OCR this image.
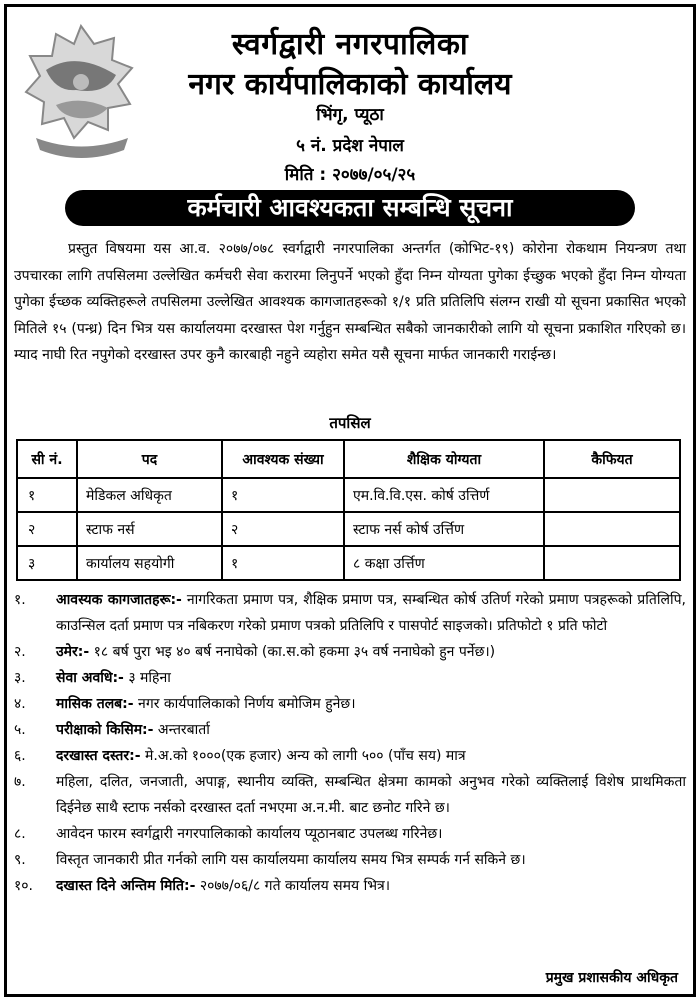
स्वर्गद्वारी नगरपालिका
नगर कार्यपालिकाको कार्यालय
भिंगृ, प्यूठा
५ नं. प्रदेश नेपाल
मिति : २०७७/०५/२५
कर्मचारी आवश्यकता सम्बन्धि सूचना

प्रस्तुत विषयमा यस आ.व. २०७७/०७८ स्वर्गद्वारी नगरपालिका अन्तर्गत (कोभिट-१९) कोरोना रोकथाम नियन्त्रण तथा उपचारका लागि तपसिलमा उल्लेखित कर्मचरी सेवा करारमा लिनुपर्ने भएको हुँदा निम्न योग्यता पुगेका ईच्छुक भएको हुँदा निम्न योग्यता पुगेका ईच्छक व्यक्तिहरूले तपसिलमा उल्लेखित आवश्यक कागजातहरूको १/१ प्रति प्रतिलिपि संलग्न राखी यो सूचना प्रकासित भएको मितिले १५ (पन्ध्र) दिन भित्र यस कार्यालयमा दरखास्त पेश गर्नुहुन सम्बन्धित सबैको जानकारीको लागि यो सूचना प्रकाशित गरिएको छ। म्याद नाघी रित नपुगेको दरखास्त उपर कुनै कारबाही नहुने व्यहोरा समेत यसै सूचना मार्फत जानकारी गराईन्छ।

तपसिल
सी नं.	पद	आवश्यक संख्या	शैक्षिक योग्यता	कैफियत
१	मेडिकल अधिकृत	१	एम.वि.वि.एस. कोर्ष उत्तिर्ण	
२	स्टाफ नर्स	२	स्टाफ नर्स कोर्ष उर्त्तिण	
३	कार्यालय सहयोगी	१	८ कक्षा उर्त्तिण	
१.	आवस्यक कागजातहरू:- नागरिकता प्रमाण पत्र, शैक्षिक प्रमाण पत्र, सम्बन्धित कोर्ष उतिर्ण गरेको प्रमाण पत्रहरूको प्रतिलिपि, काउन्सिल दर्ता प्रमाण पत्र नबिकरण गरेको प्रमाण पत्रको प्रतिलिपि र पासपोर्ट साइजको। प्रतिफोटो १ प्रति फोटो
२.	उमेर:- १८ बर्ष पुरा भइ ४० बर्ष ननाघेको (का.स.को हकमा ३५ वर्ष ननाघेको हुन पर्नेछ।)
३.	सेवा अवधि:- ३ महिना
४.	मासिक तलब:- नगर कार्यपालिकाको निर्णय बमोजिम हुनेछ।
५.	परीक्षाको किसिम:- अन्तरबार्ता
६.	दरखास्त दस्तर:- मे.अ.को १०००(एक हजार) अन्य को लागी ५०० (पाँच सय) मात्र
७.	महिला, दलित, जनजाती, अपाङ्ग, स्थानीय व्यक्ति, सम्बन्धित क्षेत्रमा कामको अनुभव गरेको व्यक्तिलाई विशेष प्राथमिकता दिईनेछ साथै स्टाफ नर्सको दरखास्त दर्ता नभएमा अ.न.मी. बाट छनोट गरिने छ।
८.	आवेदन फारम स्वर्गद्वारी नगरपालिकाको कार्यालय प्यूठानबाट उपलब्ध गरिनेछ।
९.	विस्तृत जानकारी प्रीत गर्नको लागि यस कार्यालयमा कार्यालय समय भित्र सम्पर्क गर्न सकिने छ।
१०.	दखास्त दिने अन्तिम मिति:- २०७७/०६/८ गते कार्यालय समय भित्र।
प्रमुख प्रशासकीय अधिकृत
